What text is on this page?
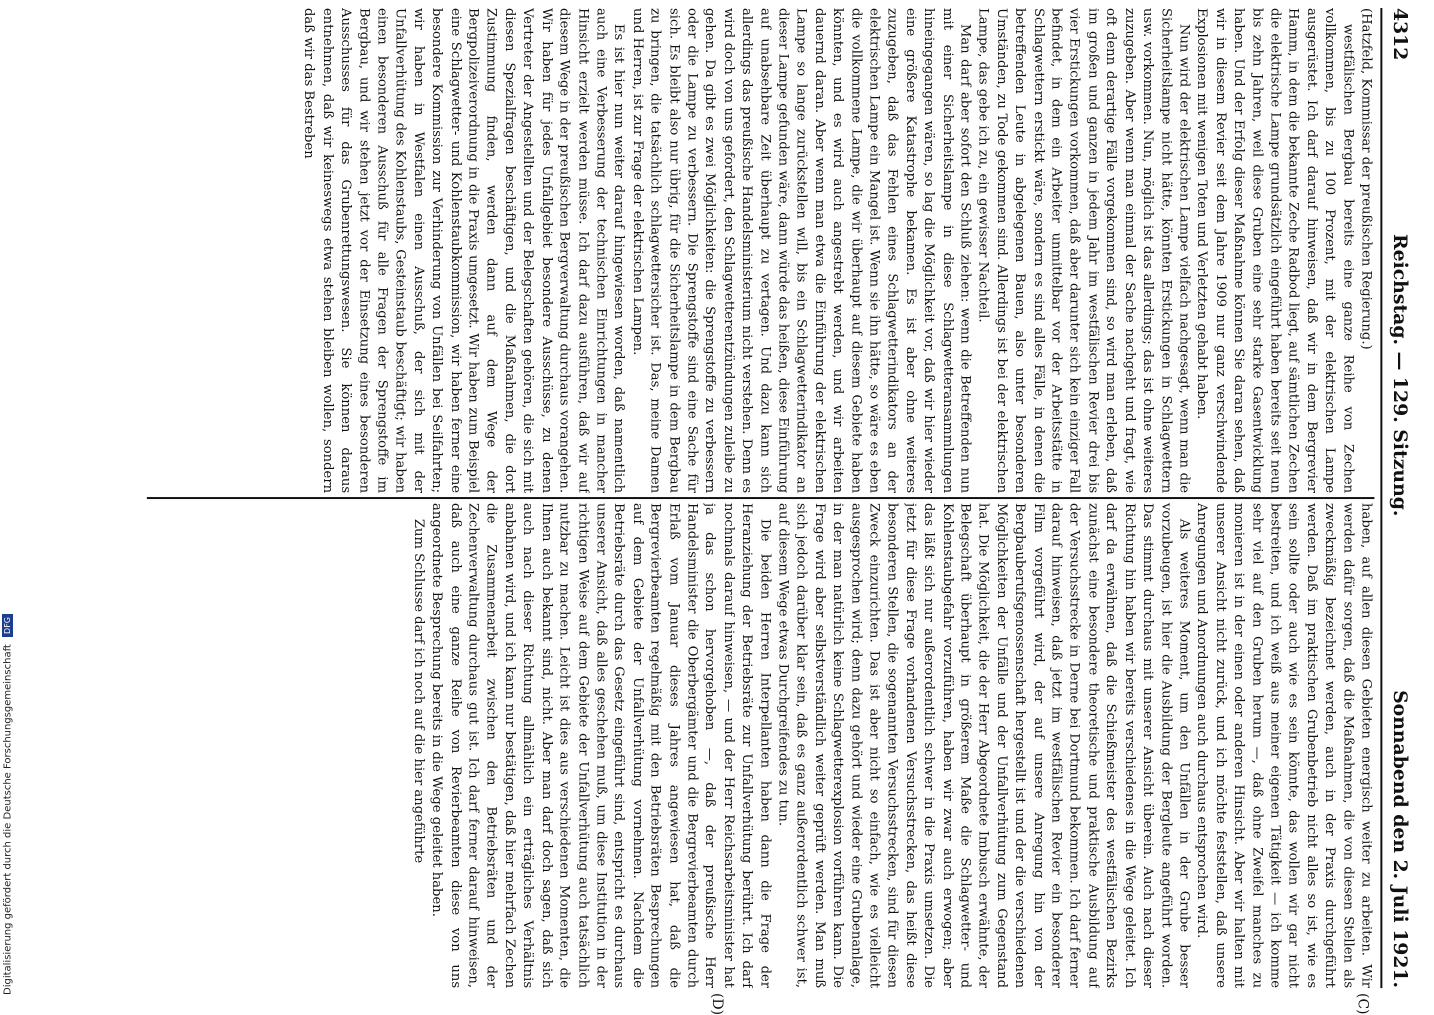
4312
Reichstag. — 129. Sitzung.
Sonnabend den 2. Juli 1921.

(Hatzfeld, Kommissar der preußischen Regierung.)

westfälischen Bergbau bereits eine ganze Reihe von Zechen vollkommen, bis zu 100 Prozent, mit der elektrischen Lampe ausgerüstet. Ich darf darauf hinweisen, daß wir in dem Bergrevier Hamm, in dem die bekannte Zeche Radbod liegt, auf sämtlichen Zechen die elektrische Lampe grundsätzlich eingeführt haben bereits seit neun bis zehn Jahren, weil diese Gruben eine sehr starke Gasentwicklung haben. Und der Erfolg dieser Maßnahme können Sie daran sehen, daß wir in diesem Revier seit dem Jahre 1909 nur ganz verschwindende Explosionen mit wenigen Toten und Verletzten gehabt haben.

Nun wird der elektrischen Lampe vielfach nachgesagt, wenn man die Sicherheitslampe nicht hätte, könnten Erstickungen in Schlagwettern usw. vorkommen. Nun, möglich ist das allerdings; das ist ohne weiteres zuzugeben. Aber wenn man einmal der Sache nachgeht und fragt, wie oft denn derartige Fälle vorgekommen sind, so wird man erleben, daß im großen und ganzen in jedem Jahr im westfälischen Revier drei bis vier Erstickungen vorkommen, daß aber darunter sich kein einziger Fall befindet, in dem ein Arbeiter unmittelbar vor der Arbeitsstätte in Schlagwettern erstickt wäre, sondern es sind alles Fälle, in denen die betreffenden Leute in abgelegenen Bauen, also unter besonderen Umständen, zu Tode gekommen sind. Allerdings ist bei der elektrischen Lampe, das gebe ich zu, ein gewisser Nachteil.

Man darf aber sofort den Schluß ziehen: wenn die Betreffenden nun mit einer Sicherheitslampe in diese Schlagwetteransammlungen hineingegangen wären, so lag die Möglichkeit vor, daß wir hier wieder eine größere Katastrophe bekamen. Es ist aber ohne weiteres zuzugeben, daß das Fehlen eines Schlagwetterindikators an der elektrischen Lampe ein Mangel ist. Wenn sie ihn hätte, so wäre es eben die vollkommene Lampe, die wir überhaupt auf diesem Gebiete haben könnten, und es wird auch angestrebt werden, und wir arbeiten dauernd daran. Aber wenn man etwa die Einführung der elektrischen Lampe so lange zurückstellen will, bis ein Schlagwetterindikator an dieser Lampe gefunden wäre, dann würde das heißen, diese Einführung auf unabsehbare Zeit überhaupt zu vertagen. Und dazu kann sich allerdings das preußische Handelsministerium nicht verstehen. Denn es wird doch von uns gefordert, den Schlagwetterentzündungen zuleibe zu gehen. Da gibt es zwei Möglichkeiten: die Sprengstoffe zu verbessern oder die Lampe zu verbessern. Die Sprengstoffe sind eine Sache für sich. Es bleibt also nur übrig, für die Sicherheitslampe in dem Bergbau zu bringen, die tatsächlich schlagwettersicher ist. Das, meine Damen und Herren, ist zur Frage der elektrischen Lampen.

Es ist hier nun weiter darauf hingewiesen worden, daß namentlich auch eine Verbesserung der technischen Einrichtungen in mancher Hinsicht erzielt werden müsse. Ich darf dazu ausführen, daß wir auf diesem Wege in der preußischen Bergverwaltung durchaus vorangehen. Wir haben für jedes Unfallgebiet besondere Ausschüsse, zu denen Vertreter der Angestellten und der Belegschaften gehören, die sich mit diesen Spezialfragen beschäftigen, und die Maßnahmen, die dort Zustimmung finden, werden dann auf dem Wege der Bergpolizeiverordnung in die Praxis umgesetzt. Wir haben zum Beispiel eine Schlagwetter- und Kohlenstaubkommission, wir haben ferner eine besondere Kommission zur Verhinderung von Unfällen bei Seilfahrten; wir haben in Westfalen einen Ausschuß, der sich mit der Unfallverhütung des Kohlenstaubs, Gesteinstaub beschäftigt; wir haben einen besonderen Ausschuß für alle Fragen der Sprengstoffe im Bergbau, und wir stehen jetzt vor der Einsetzung eines besonderen Ausschusses für das Grubenrettungswesen. Sie können daraus entnehmen, daß wir keineswegs etwa stehen bleiben wollen, sondern daß wir das Bestreben

haben, auf allen diesen Gebieten energisch weiter zu arbeiten. Wir werden dafür sorgen, daß die Maßnahmen, die von diesen Stellen als zweckmäßig bezeichnet werden, auch in der Praxis durchgeführt werden. Daß im praktischen Grubenbetrieb nicht alles so ist, wie es sein sollte oder auch wie es sein könnte, das wollen wir gar nicht bestreiten, und ich weiß aus meiner eigenen Tätigkeit — ich komme sehr viel auf den Gruben herum —, daß ohne Zweifel manches zu monieren ist in der einen oder anderen Hinsicht. Aber wir halten mit unserer Ansicht nicht zurück, und ich möchte feststellen, daß unsere Anregungen und Anordnungen auch durchaus entsprochen wird.

Als weiteres Moment, um den Unfällen in der Grube besser vorzubeugen, ist hier die Ausbildung der Bergleute angeführt worden. Das stimmt durchaus mit unserer Ansicht überein. Auch nach dieser Richtung hin haben wir bereits verschiedenes in die Wege geleitet. Ich darf da erwähnen, daß die Schießmeister des westfälischen Bezirks zunächst eine besondere theoretische und praktische Ausbildung auf der Versuchsstrecke in Derne bei Dortmund bekommen. Ich darf ferner darauf hinweisen, daß jetzt im westfälischen Revier ein besonderer Film vorgeführt wird, der auf unsere Anregung hin von der Bergbauberufsgenossenschaft hergestellt ist und der die verschiedenen Möglichkeiten der Unfälle und der Unfallverhütung zum Gegenstand hat. Die Möglichkeit, die der Herr Abgeordnete Imbusch erwähnte, der Belegschaft überhaupt in größerem Maße die Schlagwetter- und Kohlenstaubgefahr vorzuführen, haben wir zwar auch erwogen; aber das läßt sich nur außerordentlich schwer in die Praxis umsetzen. Die jetzt für diese Frage vorhandenen Versuchsstrecken, das heißt diese besonderen Stellen, die sogenannten Versuchsstrecken, sind für diesen Zweck einzurichten. Das ist aber nicht so einfach, wie es vielleicht ausgesprochen wird; denn dazu gehört und wieder eine Grubenanlage, in der man natürlich keine Schlagwetterexplosion vorführen kann. Die Frage wird aber selbstverständlich weiter geprüft werden. Man muß sich jedoch darüber klar sein, daß es ganz außerordentlich schwer ist, auf diesem Wege etwas Durchgreifendes zu tun.

Die beiden Herren Interpellanten haben dann die Frage der Heranziehung der Betriebsräte zur Unfallverhütung berührt. Ich darf nochmals darauf hinweisen, — und der Herr Reichsarbeitsminister hat ja das schon hervorgehoben —, daß der preußische Herr Handelsminister die Oberbergämter und die Bergrevierbeamten durch Erlaß vom Januar dieses Jahres angewiesen hat, daß die Bergrevierbeamten regelmäßig mit den Betriebsräten Besprechungen auf dem Gebiete der Unfallverhütung vornehmen. Nachdem die Betriebsräte durch das Gesetz eingeführt sind, entspricht es durchaus unserer Ansicht, daß alles geschehen muß, um diese Institution in der richtigen Weise auf dem Gebiete der Unfallverhütung auch tatsächlich nutzbar zu machen. Leicht ist dies aus verschiedenen Momenten, die Ihnen auch bekannt sind, nicht. Aber man darf doch sagen, daß sich auch nach dieser Richtung allmählich ein erträgliches Verhältnis anbahnen wird, und ich kann nur bestätigen, daß hier mehrfach Zechen die Zusammenarbeit zwischen den Betriebsräten und der Zechenverwaltung durchaus gut ist. Ich darf ferner darauf hinweisen, daß auch eine ganze Reihe von Revierbeamten diese von uns angeordnete Besprechung bereits in die Wege geleitet haben.

Zum Schlusse darf ich noch auf die hier angeführte

(C)
(D)
Digitalisierung gefördert durch die Deutsche Forschungsgemeinschaft DFG
